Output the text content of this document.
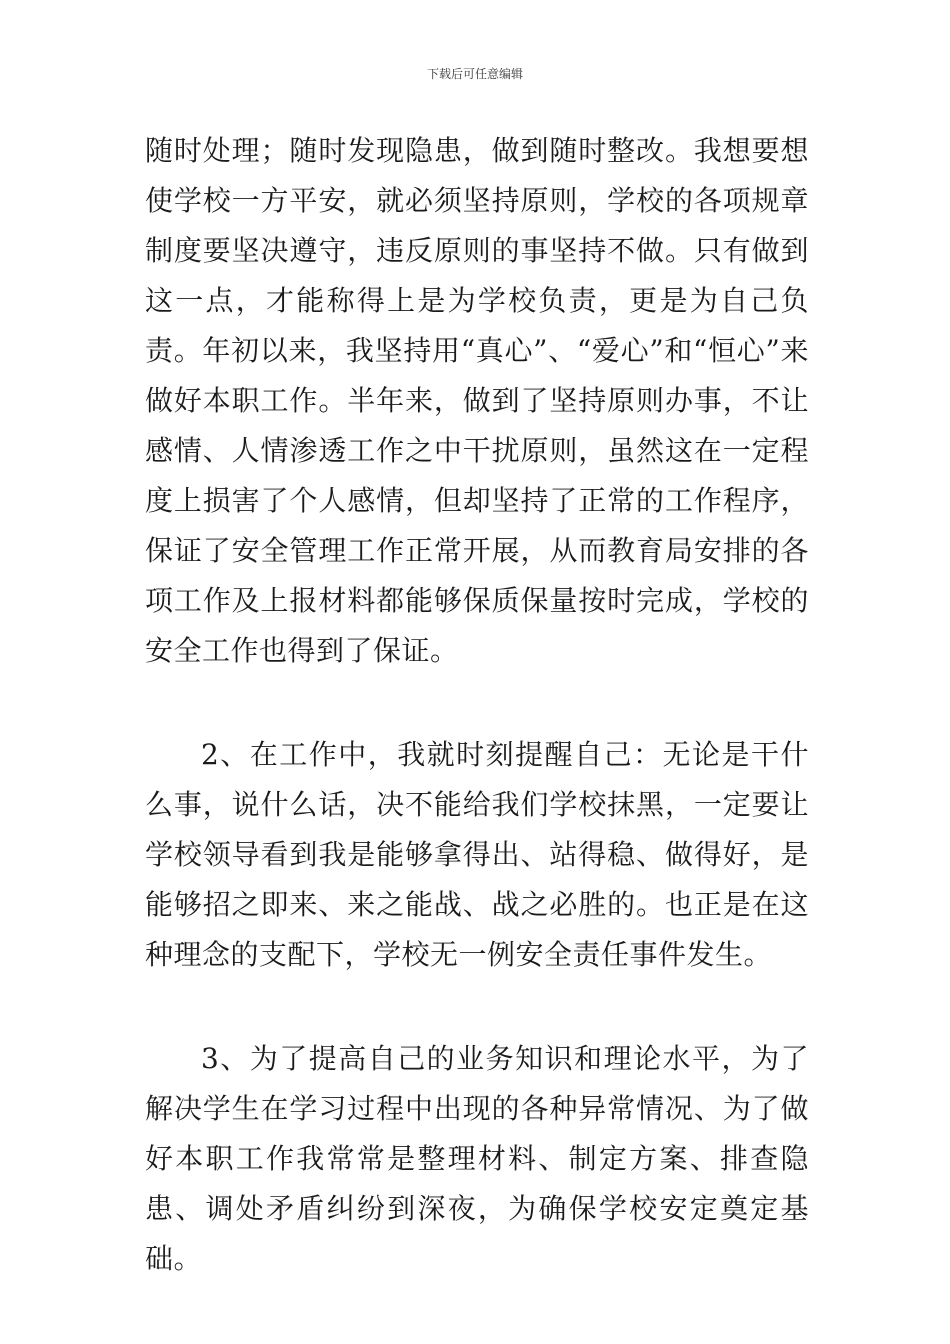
下载后可任意编辑

随时处理；随时发现隐患，做到随时整改。我想要想使学校一方平安，就必须坚持原则，学校的各项规章制度要坚决遵守，违反原则的事坚持不做。只有做到这一点，才能称得上是为学校负责，更是为自己负责。年初以来，我坚持用“真心”、“爱心”和“恒心”来做好本职工作。半年来，做到了坚持原则办事，不让感情、人情渗透工作之中干扰原则，虽然这在一定程度上损害了个人感情，但却坚持了正常的工作程序，保证了安全管理工作正常开展，从而教育局安排的各项工作及上报材料都能够保质保量按时完成，学校的安全工作也得到了保证。

2、在工作中，我就时刻提醒自己：无论是干什么事，说什么话，决不能给我们学校抹黑，一定要让学校领导看到我是能够拿得出、站得稳、做得好，是能够招之即来、来之能战、战之必胜的。也正是在这种理念的支配下，学校无一例安全责任事件发生。

3、为了提高自己的业务知识和理论水平，为了解决学生在学习过程中出现的各种异常情况、为了做好本职工作我常常是整理材料、制定方案、排查隐患、调处矛盾纠纷到深夜，为确保学校安定奠定基础。
